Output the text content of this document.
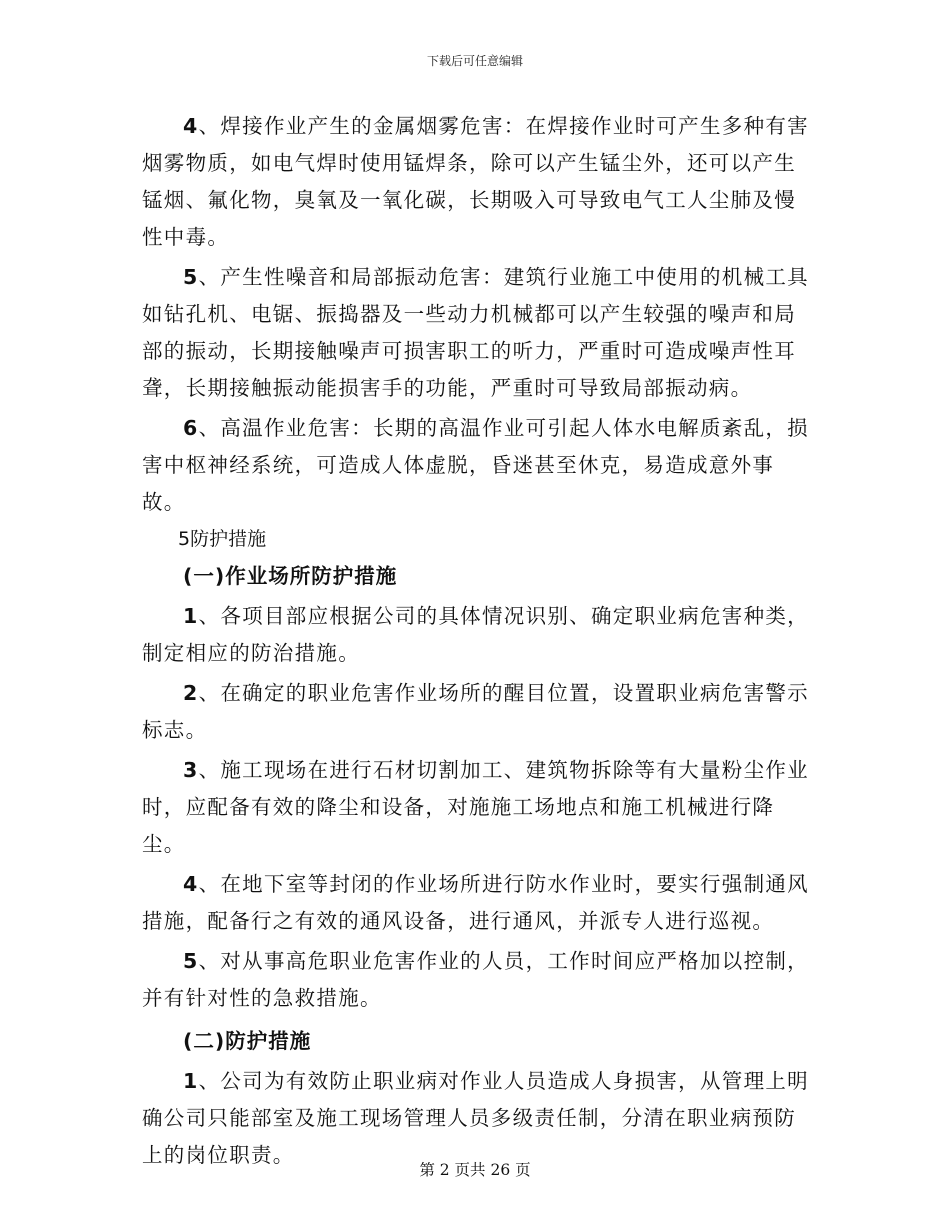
下载后可任意编辑

4、焊接作业产生的金属烟雾危害：在焊接作业时可产生多种有害烟雾物质，如电气焊时使用锰焊条，除可以产生锰尘外，还可以产生锰烟、氟化物，臭氧及一氧化碳，长期吸入可导致电气工人尘肺及慢性中毒。

5、产生性噪音和局部振动危害：建筑行业施工中使用的机械工具如钻孔机、电锯、振捣器及一些动力机械都可以产生较强的噪声和局部的振动，长期接触噪声可损害职工的听力，严重时可造成噪声性耳聋，长期接触振动能损害手的功能，严重时可导致局部振动病。

6、高温作业危害：长期的高温作业可引起人体水电解质紊乱，损害中枢神经系统，可造成人体虚脱，昏迷甚至休克，易造成意外事故。

5防护措施

(一)作业场所防护措施

1、各项目部应根据公司的具体情况识别、确定职业病危害种类，制定相应的防治措施。

2、在确定的职业危害作业场所的醒目位置，设置职业病危害警示标志。

3、施工现场在进行石材切割加工、建筑物拆除等有大量粉尘作业时，应配备有效的降尘和设备，对施施工场地点和施工机械进行降尘。

4、在地下室等封闭的作业场所进行防水作业时，要实行强制通风措施，配备行之有效的通风设备，进行通风，并派专人进行巡视。

5、对从事高危职业危害作业的人员，工作时间应严格加以控制，并有针对性的急救措施。

(二)防护措施

1、公司为有效防止职业病对作业人员造成人身损害，从管理上明确公司只能部室及施工现场管理人员多级责任制，分清在职业病预防上的岗位职责。

第 2 页共 26 页
